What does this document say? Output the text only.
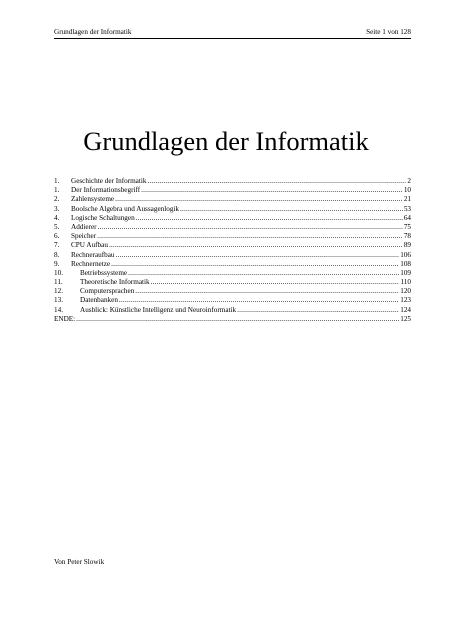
Grundlagen der Informatik	Seite 1 von 128
Grundlagen der Informatik
1.	Geschichte der Informatik .....	2
1.	Der Informationsbegriff .....	10
2.	Zahlensysteme .....	21
3.	Boolsche Algebra und Aussagenlogik .....	53
4.	Logische Schaltungen .....	64
5.	Addierer .....	75
6.	Speicher .....	78
7.	CPU Aufbau .....	89
8.	Rechneraufbau .....	106
9.	Rechnernetze .....	108
10.	Betriebssysteme .....	109
11.	Theoretische Informatik .....	110
12.	Computersprachen .....	120
13.	Datenbanken .....	123
14.	Ausblick: Künstliche Intelligenz und Neuroinformatik .....	124
ENDE: .....	125
Von Peter Slowik
